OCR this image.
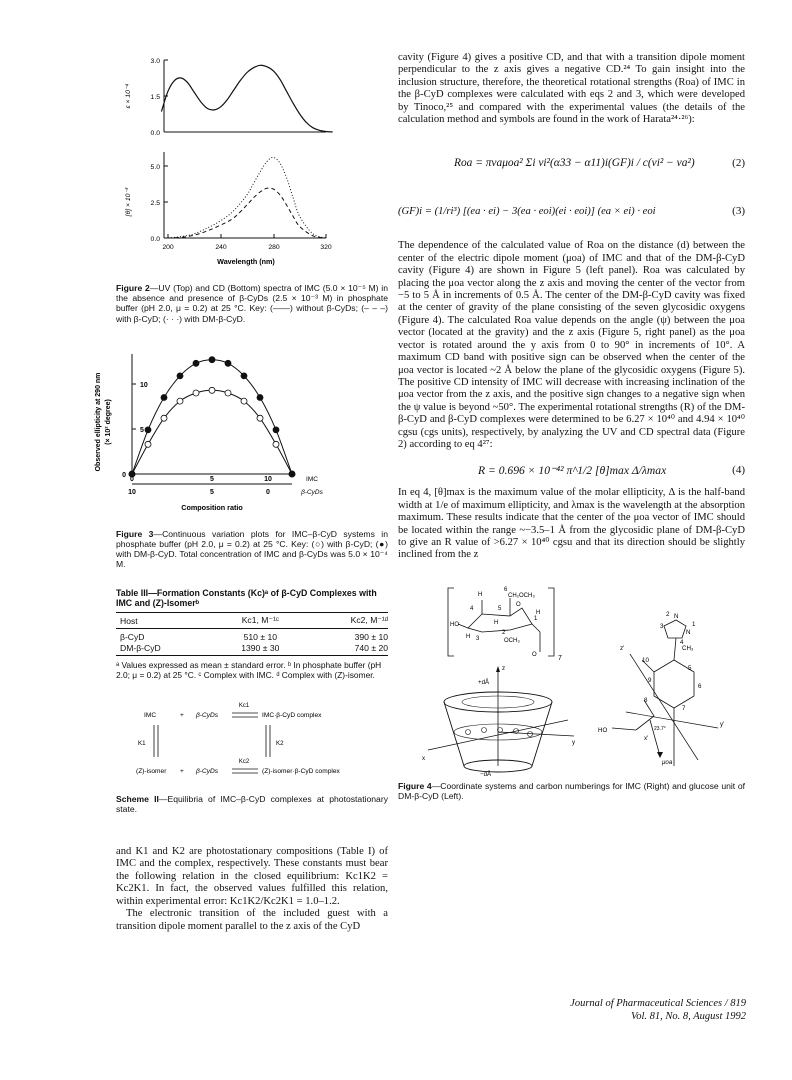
3.0
1.5
0.0
ε × 10⁻⁴
5.0
2.5
0.0
[θ] × 10⁻³
200	240	280	320
Wavelength (nm)

Figure 2—UV (Top) and CD (Bottom) spectra of IMC (5.0 × 10⁻⁵ M) in the absence and presence of β-CyDs (2.5 × 10⁻³ M) in phosphate buffer (pH 2.0, μ = 0.2) at 25 °C. Key: (——) without β-CyDs; (– – –) with β-CyD; (· · ·) with DM-β-CyD.

Observed ellipticity at 290 nm (× 10² degree)
10
5
0
0	5	10	IMC
10	5	0	β-CyDs
Composition ratio

Figure 3—Continuous variation plots for IMC–β-CyD systems in phosphate buffer (pH 2.0, μ = 0.2) at 25 °C. Key: (○) with β-CyD; (●) with DM-β-CyD. Total concentration of IMC and β-CyDs was 5.0 × 10⁻⁴ M.

Table III—Formation Constants (Kc)ᵃ of β-CyD Complexes with IMC and (Z)-Isomerᵇ

Host	Kc1, M⁻¹ᶜ	Kc2, M⁻¹ᵈ
β-CyD	510 ± 10	390 ± 10
DM-β-CyD	1390 ± 30	740 ± 20

ᵃ Values expressed as mean ± standard error. ᵇ In phosphate buffer (pH 2.0; μ = 0.2) at 25 °C. ᶜ Complex with IMC. ᵈ Complex with (Z)-isomer.

IMC	+ β-CyDs
Kc1
IMC·β-CyD complex
K1	K2
(Z)-isomer + β-CyDs
Kc2
(Z)-isomer·β-CyD complex

Scheme II—Equilibria of IMC–β-CyD complexes at photostationary state.

and K1 and K2 are photostationary compositions (Table I) of IMC and the complex, respectively. These constants must bear the following relation in the closed equilibrium: Kc1K2 = Kc2K1. In fact, the observed values fulfilled this relation, within experimental error: Kc1K2/Kc2K1 = 1.0–1.2.

The electronic transition of the included guest with a transition dipole moment parallel to the z axis of the CyD

cavity (Figure 4) gives a positive CD, and that with a transition dipole moment perpendicular to the z axis gives a negative CD.²⁴ To gain insight into the inclusion structure, therefore, the theoretical rotational strengths (Roa) of IMC in the β-CyD complexes were calculated with eqs 2 and 3, which were developed by Tinoco,²⁵ and compared with the experimental values (the details of the calculation method and symbols are found in the work of Harata²⁴·²⁶):

Roa = πνaμoa² Σi νi²(α33 − α11)i(GF)i / c(νi² − νa²)	(2)
(GF)i = (1/ri³) [(ea · ei) − 3(ea · eoi)(ei · eoi)] (ea × ei) · eoi	(3)

The dependence of the calculated value of Roa on the distance (d) between the center of the electric dipole moment (μoa) of IMC and that of the DM-β-CyD cavity (Figure 4) are shown in Figure 5 (left panel). Roa was calculated by placing the μoa vector along the z axis and moving the center of the vector from −5 to 5 Å in increments of 0.5 Å. The center of the DM-β-CyD cavity was fixed at the center of gravity of the plane consisting of the seven glycosidic oxygens (Figure 4). The calculated Roa value depends on the angle (ψ) between the μoa vector (located at the gravity) and the z axis (Figure 5, right panel) as the μoa vector is rotated around the y axis from 0 to 90° in increments of 10°. A maximum CD band with positive sign can be observed when the center of the μoa vector is located ~2 Å below the plane of the glycosidic oxygens (Figure 5). The positive CD intensity of IMC will decrease with increasing inclination of the μoa vector from the z axis, and the positive sign changes to a negative sign when the ψ value is beyond ~50°. The experimental rotational strengths (R) of the DM-β-CyD and β-CyD complexes were determined to be 6.27 × 10⁴⁰ and 4.94 × 10⁴⁰ cgsu (cgs units), respectively, by analyzing the UV and CD spectral data (Figure 2) according to eq 4²⁷:

R = 0.696 × 10⁻⁴² π^1/2 [θ]max Δ/λmax	(4)

In eq 4, [θ]max is the maximum value of the molar ellipticity, Δ is the half-band width at 1/e of maximum ellipticity, and λmax is the wavelength at the absorption maximum. These results indicate that the center of the μoa vector of IMC should be located within the range ~−3.5–1 Å from the glycosidic plane of DM-β-CyD to give an R value of >6.27 × 10⁴⁰ cgsu and that its direction should be slightly inclined from the z

H
6
CH₂OCH₃
4	5
O
HO	H
2
1
H
3	OCH₃
H
O	7
+dÅ
z
y
x
−dÅ
2 N
3	1
N
4
CH₃
z'
10
5
9
6
8
7
y'
HO
x'
23.7°
μoa

Figure 4—Coordinate systems and carbon numberings for IMC (Right) and glucose unit of DM-β-CyD (Left).

Journal of Pharmaceutical Sciences / 819
Vol. 81, No. 8, August 1992
